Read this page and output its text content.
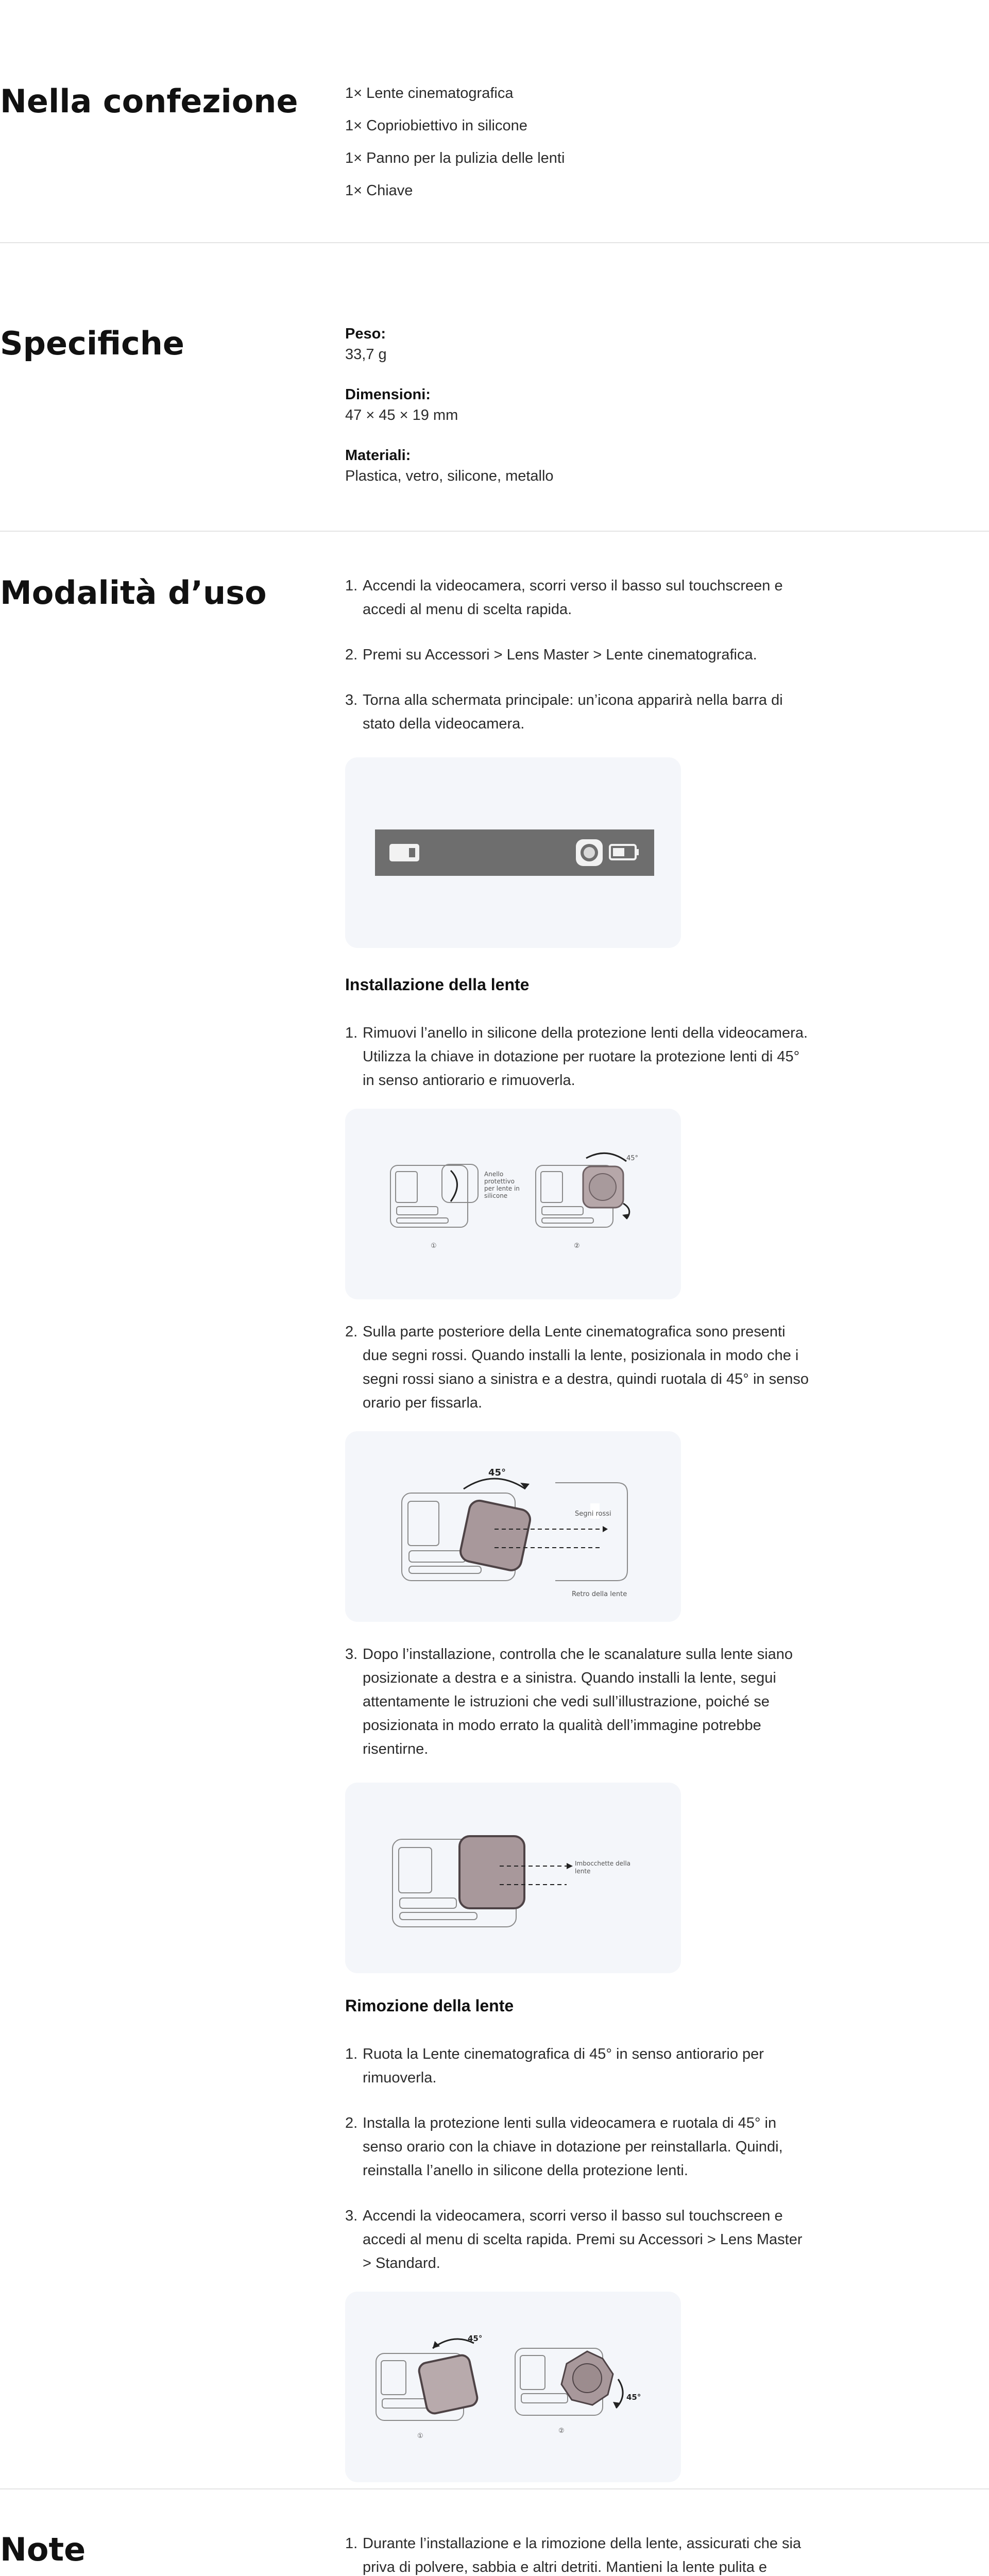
Nella confezione	1× Lente cinematografica
1× Copriobiettivo in silicone
1× Panno per la pulizia delle lenti
1× Chiave
Specifiche	Peso:
33,7 g
Dimensioni:
47 × 45 × 19 mm
Materiali:
Plastica, vetro, silicone, metallo
Modalità d’uso	1. Accendi la videocamera, scorri verso il basso sul touchscreen e accedi al menu di scelta rapida.
2. Premi su Accessori > Lens Master > Lente cinematografica.
3. Torna alla schermata principale: un’icona apparirà nella barra di stato della videocamera.
Installazione della lente
1. Rimuovi l’anello in silicone della protezione lenti della videocamera. Utilizza la chiave in dotazione per ruotare la protezione lenti di 45° in senso antiorario e rimuoverla.
45°
Anello protettivo per lente in silicone
①	②
2. Sulla parte posteriore della Lente cinematografica sono presenti due segni rossi. Quando installi la lente, posizionala in modo che i segni rossi siano a sinistra e a destra, quindi ruotala di 45° in senso orario per fissarla.
45°
Segni rossi
Retro della lente
3. Dopo l’installazione, controlla che le scanalature sulla lente siano posizionate a destra e a sinistra. Quando installi la lente, segui attentamente le istruzioni che vedi sull’illustrazione, poiché se posizionata in modo errato la qualità dell’immagine potrebbe risentirne.
Imbocchette della lente
Rimozione della lente
1. Ruota la Lente cinematografica di 45° in senso antiorario per rimuoverla.
2. Installa la protezione lenti sulla videocamera e ruotala di 45° in senso orario con la chiave in dotazione per reinstallarla. Quindi, reinstalla l’anello in silicone della protezione lenti.
3. Accendi la videocamera, scorri verso il basso sul touchscreen e accedi al menu di scelta rapida. Premi su Accessori > Lens Master > Standard.
45°
45°
①
②
Note	1. Durante l’installazione e la rimozione della lente, assicurati che sia priva di polvere, sabbia e altri detriti. Mantieni la lente pulita e
